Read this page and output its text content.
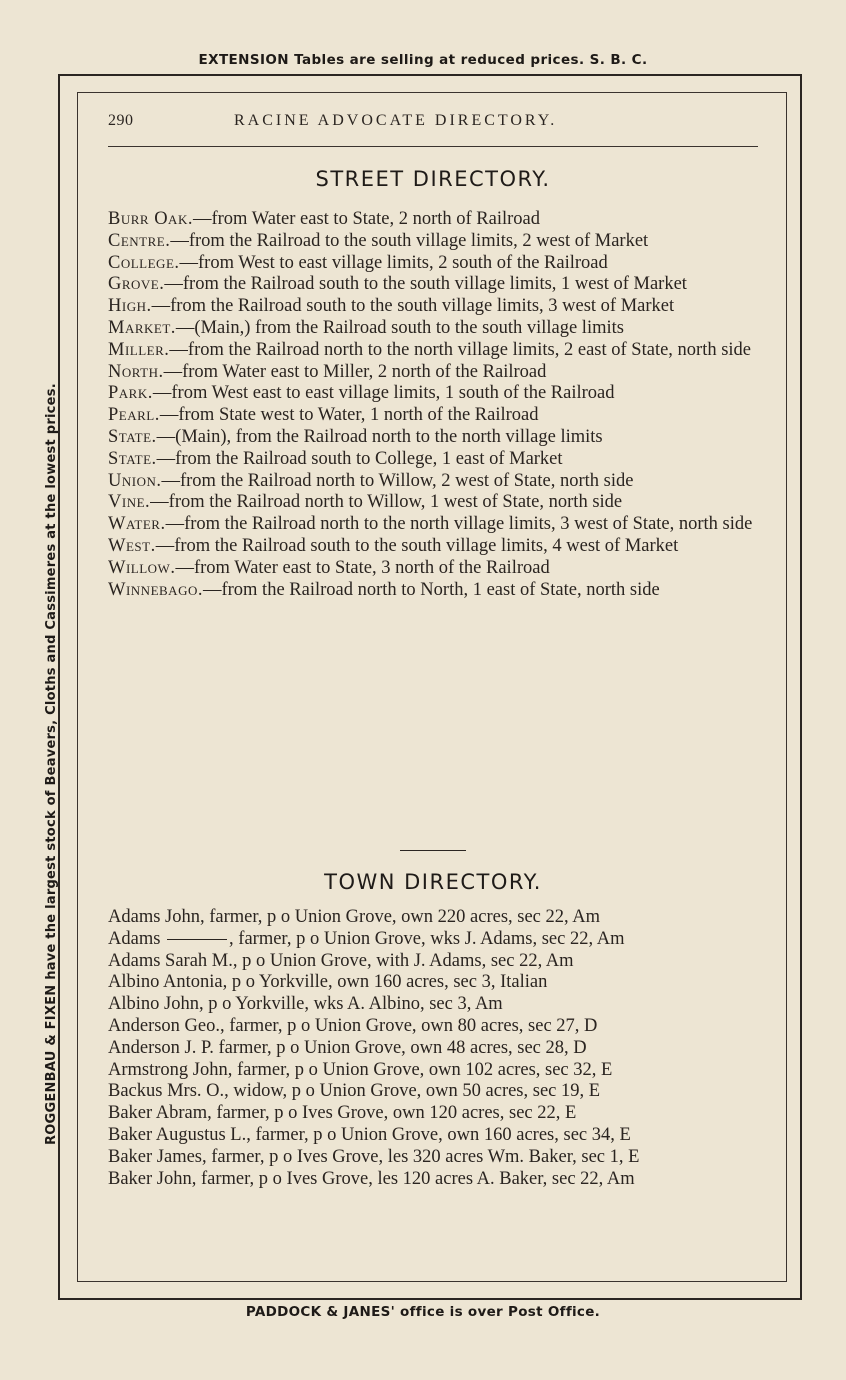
EXTENSION Tables are selling at reduced prices. S. B. C.
ROGGENBAU & FIXEN have the largest stock of Beavers, Cloths and Cassimeres at the lowest prices.
290	RACINE ADVOCATE DIRECTORY.
STREET DIRECTORY.
Burr Oak.—from Water east to State, 2 north of Railroad
Centre.—from the Railroad to the south village limits, 2 west of Market
College.—from West to east village limits, 2 south of the Railroad
Grove.—from the Railroad south to the south village limits, 1 west of Market
High.—from the Railroad south to the south village limits, 3 west of Market
Market.—(Main,) from the Railroad south to the south village limits
Miller.—from the Railroad north to the north village limits, 2 east of State, north side
North.—from Water east to Miller, 2 north of the Railroad
Park.—from West east to east village limits, 1 south of the Railroad
Pearl.—from State west to Water, 1 north of the Railroad
State.—(Main), from the Railroad north to the north village limits
State.—from the Railroad south to College, 1 east of Market
Union.—from the Railroad north to Willow, 2 west of State, north side
Vine.—from the Railroad north to Willow, 1 west of State, north side
Water.—from the Railroad north to the north village limits, 3 west of State, north side
West.—from the Railroad south to the south village limits, 4 west of Market
Willow.—from Water east to State, 3 north of the Railroad
Winnebago.—from the Railroad north to North, 1 east of State, north side
TOWN DIRECTORY.
Adams John, farmer, p o Union Grove, own 220 acres, sec 22, Am
Adams	, farmer, p o Union Grove, wks J. Adams, sec 22, Am
Adams Sarah M., p o Union Grove, with J. Adams, sec 22, Am
Albino Antonia, p o Yorkville, own 160 acres, sec 3, Italian
Albino John, p o Yorkville, wks A. Albino, sec 3, Am
Anderson Geo., farmer, p o Union Grove, own 80 acres, sec 27, D
Anderson J. P. farmer, p o Union Grove, own 48 acres, sec 28, D
Armstrong John, farmer, p o Union Grove, own 102 acres, sec 32, E
Backus Mrs. O., widow, p o Union Grove, own 50 acres, sec 19, E
Baker Abram, farmer, p o Ives Grove, own 120 acres, sec 22, E
Baker Augustus L., farmer, p o Union Grove, own 160 acres, sec 34, E
Baker James, farmer, p o Ives Grove, les 320 acres Wm. Baker, sec 1, E
Baker John, farmer, p o Ives Grove, les 120 acres A. Baker, sec 22, Am
PADDOCK & JANES' office is over Post Office.
